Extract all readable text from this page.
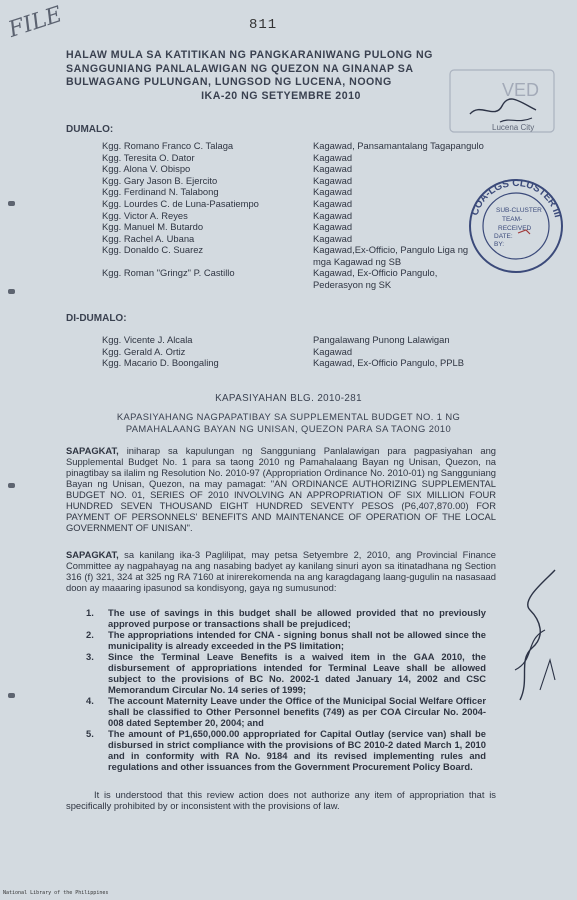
FILE	811
HALAW MULA SA KATITIKAN NG PANGKARANIWANG PULONG NG
SANGGUNIANG PANLALAWIGAN NG QUEZON NA GINANAP SA
BULWAGANG PULUNGAN, LUNGSOD NG LUCENA, NOONG
IKA-20 NG SETYEMBRE 2010	VED
Lucena City
COA-LGS CLUSTER III
SUB-CLUSTER
TEAM-
RECEIVED
DATE:
BY:
DUMALO:
Kgg. Romano Franco C. Talaga	Kagawad, Pansamantalang Tagapangulo
Kgg. Teresita O. Dator	Kagawad
Kgg. Alona V. Obispo	Kagawad
Kgg. Gary Jason B. Ejercito	Kagawad
Kgg. Ferdinand N. Talabong	Kagawad
Kgg. Lourdes C. de Luna-Pasatiempo	Kagawad
Kgg. Victor A. Reyes	Kagawad
Kgg. Manuel M. Butardo	Kagawad
Kgg. Rachel A. Ubana	Kagawad
Kgg. Donaldo C. Suarez	Kagawad,Ex-Officio, Pangulo Liga ng mga Kagawad ng SB
Kgg. Roman "Gringz" P. Castillo	Kagawad, Ex-Officio Pangulo, Pederasyon ng SK
DI-DUMALO:
Kgg. Vicente J. Alcala	Pangalawang Punong Lalawigan
Kgg. Gerald A. Ortiz	Kagawad
Kgg. Macario D. Boongaling	Kagawad, Ex-Officio Pangulo, PPLB
KAPASIYAHAN BLG. 2010-281
KAPASIYAHANG NAGPAPATIBAY SA SUPPLEMENTAL BUDGET NO. 1 NG
PAMAHALAANG BAYAN NG UNISAN, QUEZON PARA SA TAONG 2010
SAPAGKAT, iniharap sa kapulungan ng Sangguniang Panlalawigan para pagpasiyahan ang Supplemental Budget No. 1 para sa taong 2010 ng Pamahalaang Bayan ng Unisan, Quezon, na pinagtibay sa ilalim ng Resolution No. 2010-97 (Appropriation Ordinance No. 2010-01) ng Sangguniang Bayan ng Unisan, Quezon, na may pamagat: "AN ORDINANCE AUTHORIZING SUPPLEMENTAL BUDGET NO. 01, SERIES OF 2010 INVOLVING AN APPROPRIATION OF SIX MILLION FOUR HUNDRED SEVEN THOUSAND EIGHT HUNDRED SEVENTY PESOS (P6,407,870.00) FOR PAYMENT OF PERSONNELS' BENEFITS AND MAINTENANCE OF OPERATION OF THE LOCAL GOVERNMENT OF UNISAN".
SAPAGKAT, sa kanilang ika-3 Paglilipat, may petsa Setyembre 2, 2010, ang Provincial Finance Committee ay nagpahayag na ang nasabing badyet ay kanilang sinuri ayon sa itinatadhana ng Section 316 (f) 321, 324 at 325 ng RA 7160 at inirerekomenda na ang karagdagang laang-gugulin na nasasaad doon ay maaaring ipasunod sa kondisyong, gaya ng sumusunod:
1. The use of savings in this budget shall be allowed provided that no previously approved purpose or transactions shall be prejudiced;
2. The appropriations intended for CNA - signing bonus shall not be allowed since the municipality is already exceeded in the PS limitation;
3. Since the Terminal Leave Benefits is a waived item in the GAA 2010, the disbursement of appropriations intended for Terminal Leave shall be allowed subject to the provisions of BC No. 2002-1 dated January 14, 2002 and CSC Memorandum Circular No. 14 series of 1999;
4. The account Maternity Leave under the Office of the Municipal Social Welfare Officer shall be classified to Other Personnel benefits (749) as per COA Circular No. 2004-008 dated September 20, 2004; and
5. The amount of P1,650,000.00 appropriated for Capital Outlay (service van) shall be disbursed in strict compliance with the provisions of BC 2010-2 dated March 1, 2010 and in conformity with RA No. 9184 and its revised implementing rules and regulations and other issuances from the Government Procurement Policy Board.
It is understood that this review action does not authorize any item of appropriation that is specifically prohibited by or inconsistent with the provisions of law.
National Library of the Philippines
